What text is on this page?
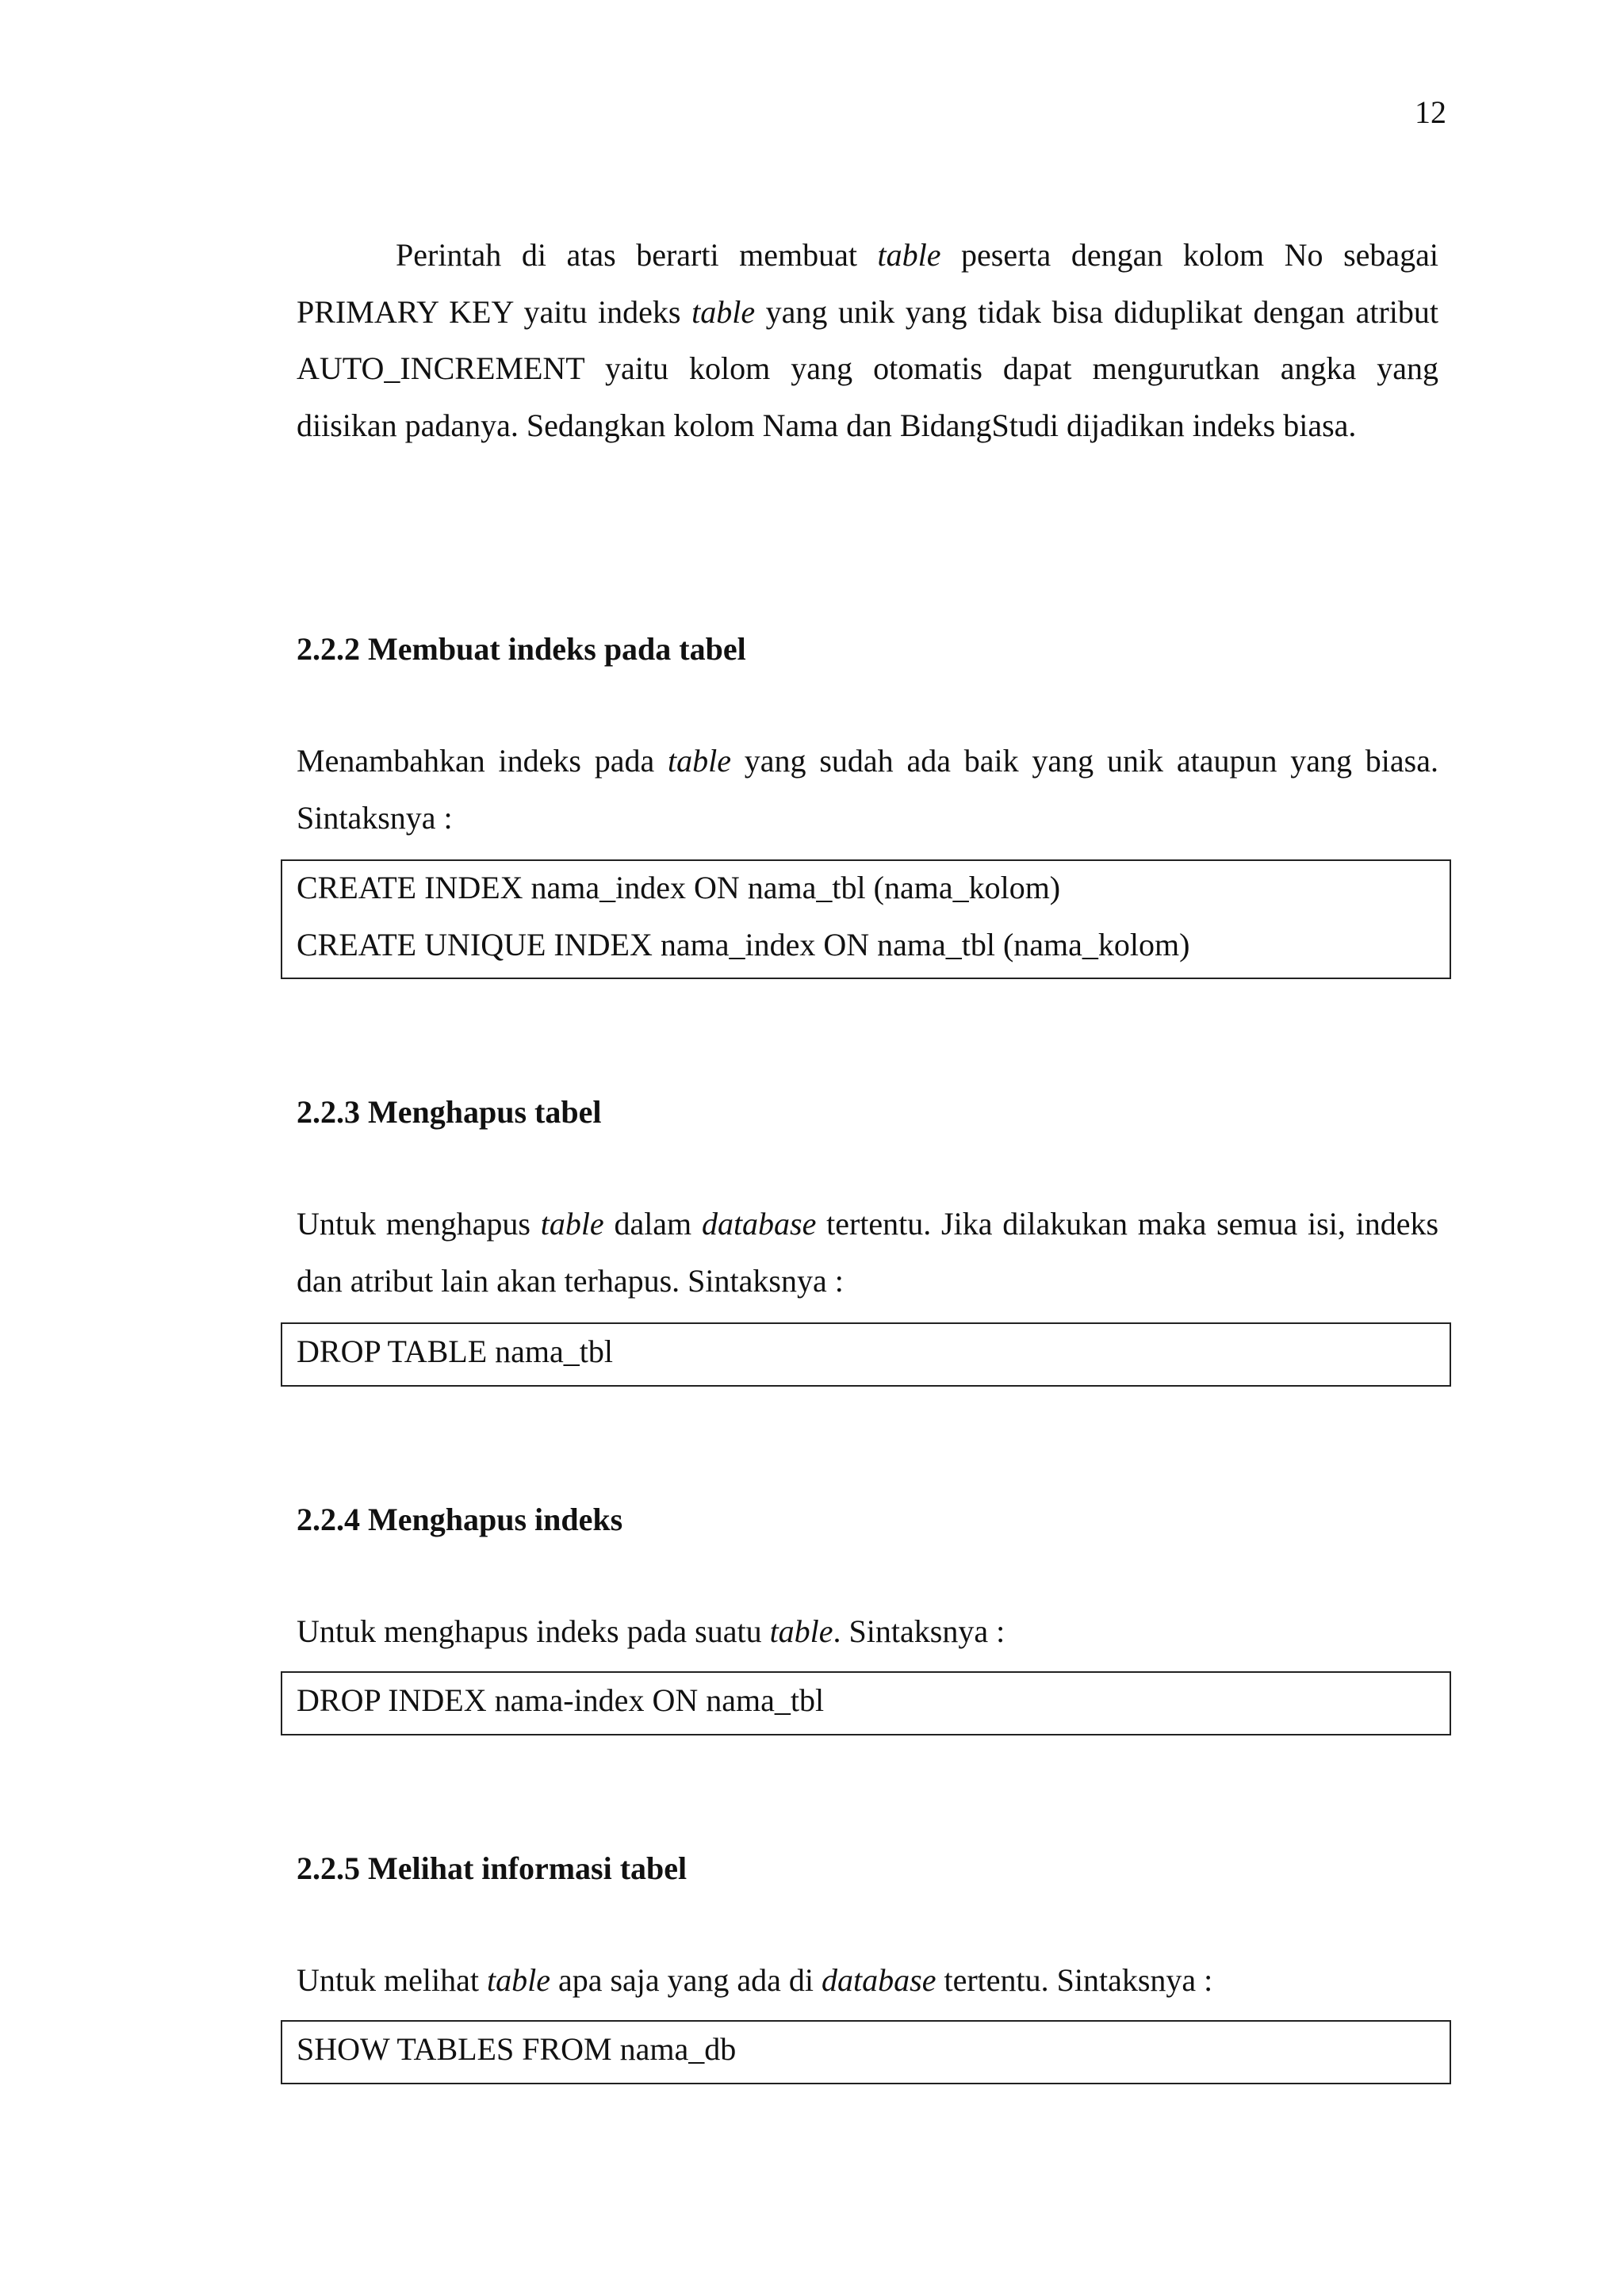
12

Perintah di atas berarti membuat table peserta dengan kolom No sebagai PRIMARY KEY yaitu indeks table yang unik yang tidak bisa diduplikat dengan atribut AUTO_INCREMENT yaitu kolom yang otomatis dapat mengurutkan angka yang diisikan padanya. Sedangkan kolom Nama dan BidangStudi dijadikan indeks biasa.

2.2.2 Membuat indeks pada tabel

Menambahkan indeks pada table yang sudah ada baik yang unik ataupun yang biasa. Sintaksnya :

CREATE INDEX nama_index ON nama_tbl (nama_kolom)
CREATE UNIQUE INDEX nama_index ON nama_tbl (nama_kolom)
2.2.3 Menghapus tabel

Untuk menghapus table dalam database tertentu. Jika dilakukan maka semua isi, indeks dan atribut lain akan terhapus. Sintaksnya :

DROP TABLE nama_tbl
2.2.4 Menghapus indeks

Untuk menghapus indeks pada suatu table. Sintaksnya :

DROP INDEX nama-index ON nama_tbl
2.2.5 Melihat informasi tabel

Untuk melihat table apa saja yang ada di database tertentu. Sintaksnya :

SHOW TABLES FROM nama_db
